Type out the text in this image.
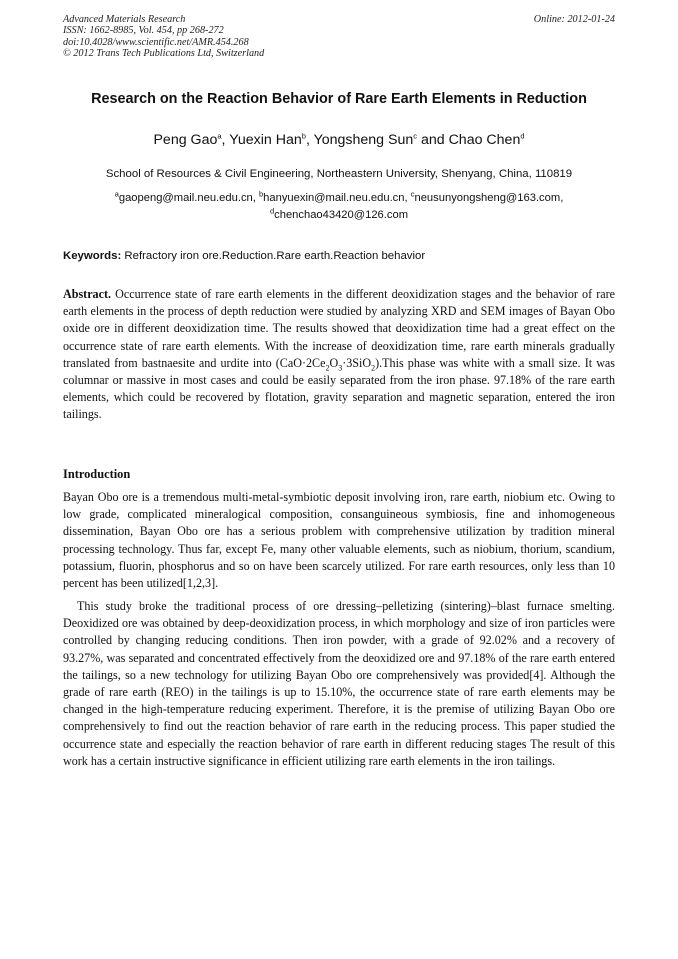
Advanced Materials Research
ISSN: 1662-8985, Vol. 454, pp 268-272
doi:10.4028/www.scientific.net/AMR.454.268
© 2012 Trans Tech Publications Ltd, Switzerland
Online: 2012-01-24
Research on the Reaction Behavior of Rare Earth Elements in Reduction
Peng Gao$^a$, Yuexin Han$^b$, Yongsheng Sun$^c$ and Chao Chen$^d$
School of Resources & Civil Engineering, Northeastern University, Shenyang, China, 110819
$^a$gaopeng@mail.neu.edu.cn, $^b$hanyuexin@mail.neu.edu.cn, $^c$neusunyongsheng@163.com,
$^d$chenchao43420@126.com
Keywords: Refractory iron ore.Reduction.Rare earth.Reaction behavior
Abstract. Occurrence state of rare earth elements in the different deoxidization stages and the behavior of rare earth elements in the process of depth reduction were studied by analyzing XRD and SEM images of Bayan Obo oxide ore in different deoxidization time. The results showed that deoxidization time had a great effect on the occurrence state of rare earth elements. With the increase of deoxidization time, rare earth minerals gradually translated from bastnaesite and urdite into $(CaO\cdot 2Ce_2O_3\cdot 3SiO_2).This$ phase was white with a small size. It was columnar or massive in most cases and could be easily separated from the iron phase. 97.18% of the rare earth elements, which could be recovered by flotation, gravity separation and magnetic separation, entered the iron tailings.
Introduction
Bayan Obo ore is a tremendous multi-metal-symbiotic deposit involving iron, rare earth, niobium etc. Owing to low grade, complicated mineralogical composition, consanguineous symbiosis, fine and inhomogeneous dissemination, Bayan Obo ore has a serious problem with comprehensive utilization by tradition mineral processing technology. Thus far, except Fe, many other valuable elements, such as niobium, thorium, scandium, potassium, fluorin, phosphorus and so on have been scarcely utilized. For rare earth resources, only less than 10 percent has been utilized[1,2,3].
This study broke the traditional process of ore dressing–pelletizing (sintering)–blast furnace smelting. Deoxidized ore was obtained by deep-deoxidization process, in which morphology and size of iron particles were controlled by changing reducing conditions. Then iron powder, with a grade of 92.02% and a recovery of 93.27%, was separated and concentrated effectively from the deoxidized ore and 97.18% of the rare earth entered the tailings, so a new technology for utilizing Bayan Obo ore comprehensively was provided[4]. Although the grade of rare earth (REO) in the tailings is up to 15.10%, the occurrence state of rare earth elements may be changed in the high-temperature reducing experiment. Therefore, it is the premise of utilizing Bayan Obo ore comprehensively to find out the reaction behavior of rare earth in the reducing process. This paper studied the occurrence state and especially the reaction behavior of rare earth in different reducing stages The result of this work has a certain instructive significance in efficient utilizing rare earth elements in the iron tailings.
